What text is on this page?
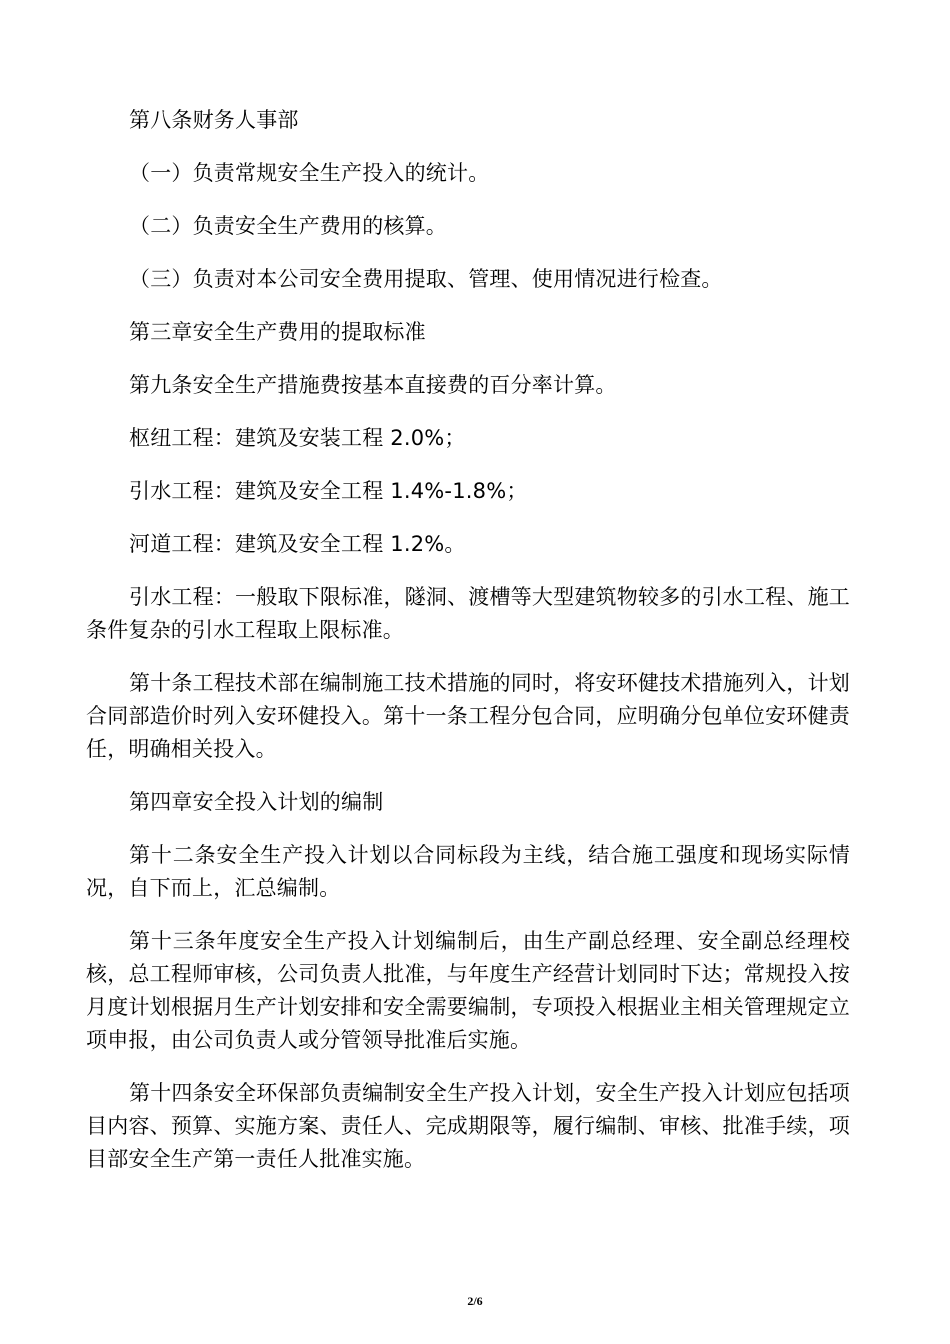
第八条财务人事部

（一）负责常规安全生产投入的统计。

（二）负责安全生产费用的核算。

（三）负责对本公司安全费用提取、管理、使用情况进行检查。

第三章安全生产费用的提取标准

第九条安全生产措施费按基本直接费的百分率计算。

枢纽工程：建筑及安装工程 2.0%；

引水工程：建筑及安全工程 1.4%-1.8%；

河道工程：建筑及安全工程 1.2%。

引水工程：一般取下限标准，隧洞、渡槽等大型建筑物较多的引水工程、施工条件复杂的引水工程取上限标准。

第十条工程技术部在编制施工技术措施的同时，将安环健技术措施列入，计划合同部造价时列入安环健投入。第十一条工程分包合同，应明确分包单位安环健责任，明确相关投入。

第四章安全投入计划的编制

第十二条安全生产投入计划以合同标段为主线，结合施工强度和现场实际情况，自下而上，汇总编制。

第十三条年度安全生产投入计划编制后，由生产副总经理、安全副总经理校核，总工程师审核，公司负责人批准，与年度生产经营计划同时下达；常规投入按月度计划根据月生产计划安排和安全需要编制，专项投入根据业主相关管理规定立项申报，由公司负责人或分管领导批准后实施。

第十四条安全环保部负责编制安全生产投入计划，安全生产投入计划应包括项目内容、预算、实施方案、责任人、完成期限等，履行编制、审核、批准手续，项目部安全生产第一责任人批准实施。

2/6
